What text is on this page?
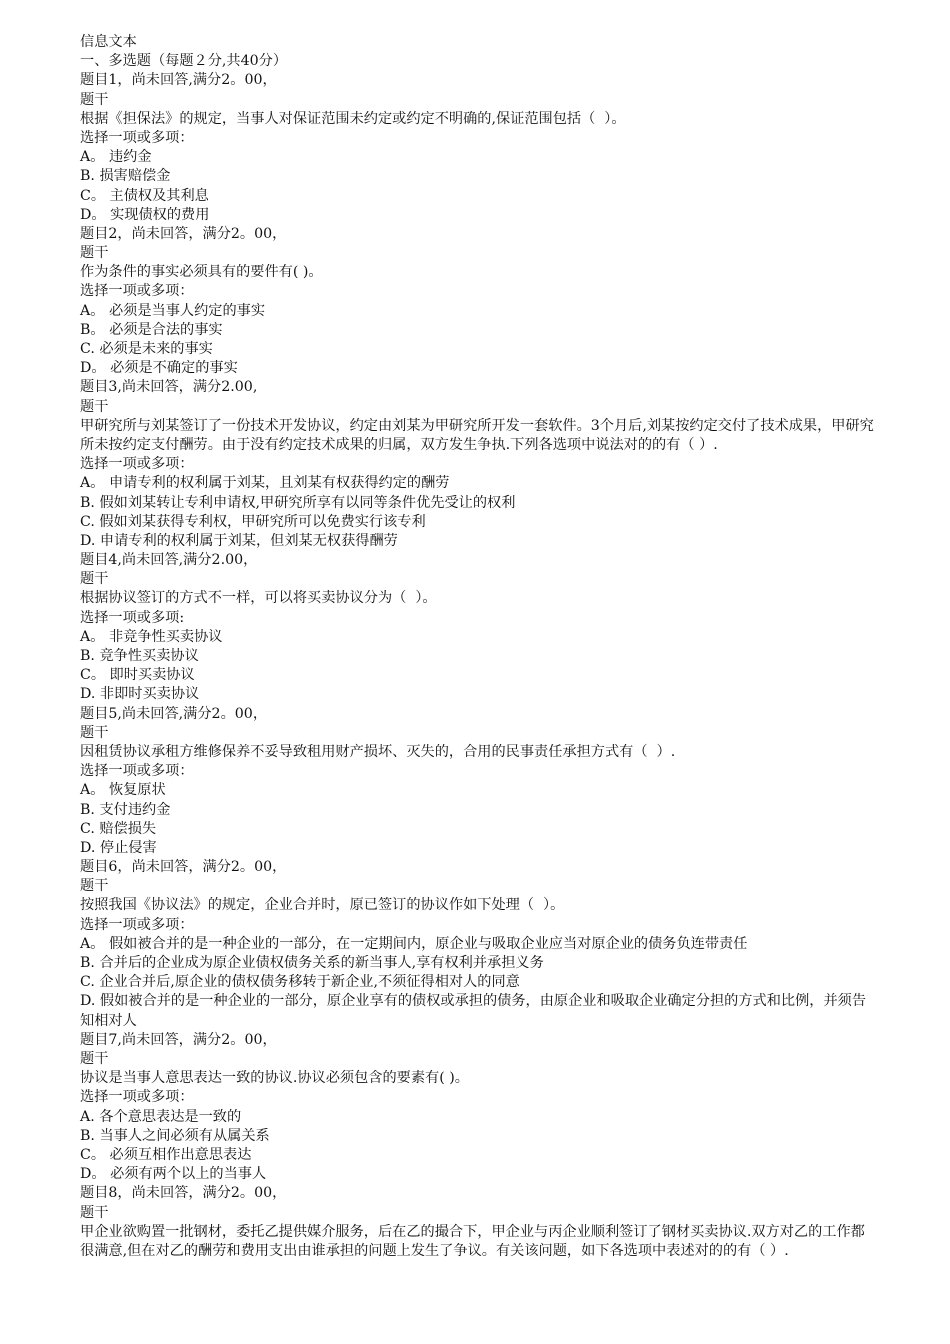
信息文本
一、多选题（每题２分,共40分）
题目1，尚未回答,满分2。00，
题干
根据《担保法》的规定，当事人对保证范围未约定或约定不明确的,保证范围包括（  ）。
选择一项或多项：
A。 违约金
B. 损害赔偿金
C。 主债权及其利息
D。 实现债权的费用
题目2，尚未回答，满分2。00，
题干
作为条件的事实必须具有的要件有( )。
选择一项或多项：
A。 必须是当事人约定的事实
B。 必须是合法的事实
C. 必须是未来的事实
D。 必须是不确定的事实
题目3,尚未回答，满分2.00,
题干
甲研究所与刘某签订了一份技术开发协议，约定由刘某为甲研究所开发一套软件。3个月后,刘某按约定交付了技术成果，甲研究所未按约定支付酬劳。由于没有约定技术成果的归属，双方发生争执.下列各选项中说法对的的有（ ）.
选择一项或多项：
A。 申请专利的权利属于刘某，且刘某有权获得约定的酬劳
B. 假如刘某转让专利申请权,甲研究所享有以同等条件优先受让的权利
C. 假如刘某获得专利权，甲研究所可以免费实行该专利
D. 申请专利的权利属于刘某，但刘某无权获得酬劳
题目4,尚未回答,满分2.00，
题干
根据协议签订的方式不一样，可以将买卖协议分为（  ）。
选择一项或多项:
A。 非竞争性买卖协议
B. 竞争性买卖协议
C。 即时买卖协议
D. 非即时买卖协议
题目5,尚未回答,满分2。00，
题干
因租赁协议承租方维修保养不妥导致租用财产损坏、灭失的，合用的民事责任承担方式有（  ）.
选择一项或多项：
A。 恢复原状
B. 支付违约金
C. 赔偿损失
D. 停止侵害
题目6，尚未回答，满分2。00，
题干
按照我国《协议法》的规定，企业合并时，原已签订的协议作如下处理（  ）。
选择一项或多项：
A。 假如被合并的是一种企业的一部分，在一定期间内，原企业与吸取企业应当对原企业的债务负连带责任
B. 合并后的企业成为原企业债权债务关系的新当事人,享有权利并承担义务
C. 企业合并后,原企业的债权债务移转于新企业,不须征得相对人的同意
D. 假如被合并的是一种企业的一部分，原企业享有的债权或承担的债务，由原企业和吸取企业确定分担的方式和比例，并须告知相对人
题目7,尚未回答，满分2。00，
题干
协议是当事人意思表达一致的协议.协议必须包含的要素有( )。
选择一项或多项：
A. 各个意思表达是一致的
B. 当事人之间必须有从属关系
C。 必须互相作出意思表达
D。 必须有两个以上的当事人
题目8，尚未回答，满分2。00，
题干
甲企业欲购置一批钢材，委托乙提供媒介服务，后在乙的撮合下，甲企业与丙企业顺利签订了钢材买卖协议.双方对乙的工作都很满意,但在对乙的酬劳和费用支出由谁承担的问题上发生了争议。有关该问题，如下各选项中表述对的的有（ ）.
